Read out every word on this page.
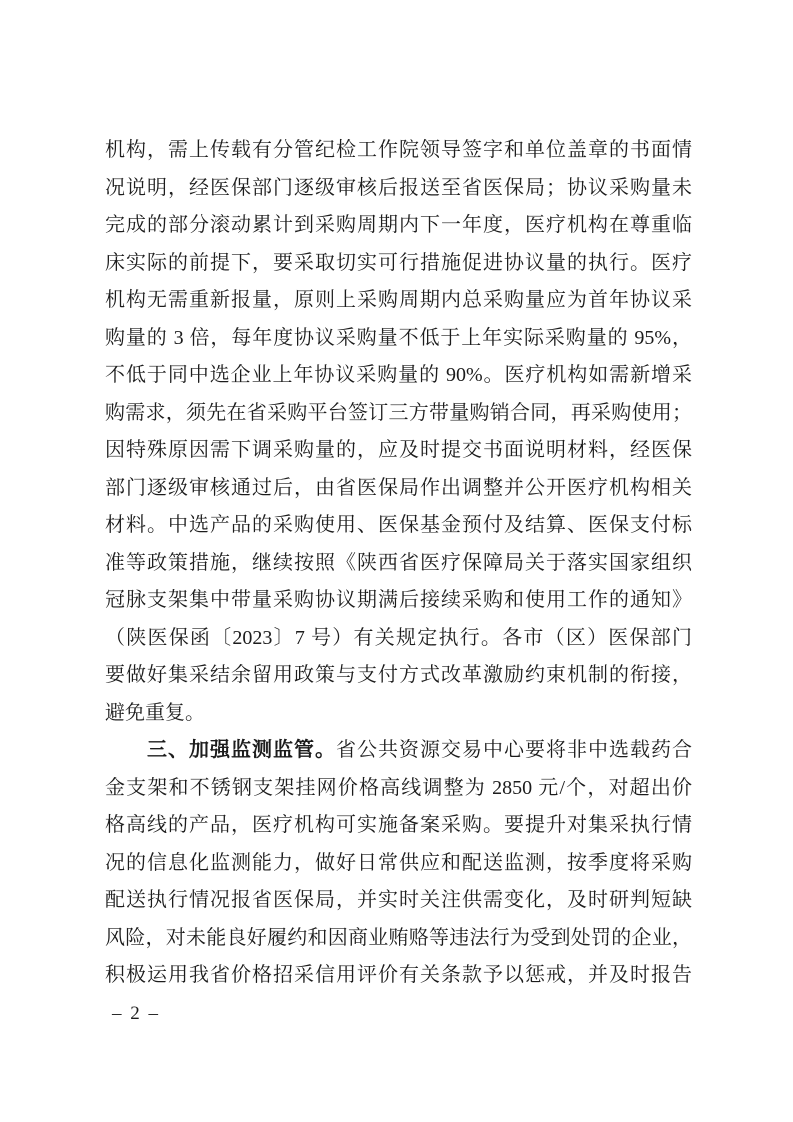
机构，需上传载有分管纪检工作院领导签字和单位盖章的书面情
况说明，经医保部门逐级审核后报送至省医保局；协议采购量未
完成的部分滚动累计到采购周期内下一年度，医疗机构在尊重临
床实际的前提下，要采取切实可行措施促进协议量的执行。医疗
机构无需重新报量，原则上采购周期内总采购量应为首年协议采
购量的 3 倍，每年度协议采购量不低于上年实际采购量的 95%，
不低于同中选企业上年协议采购量的 90%。医疗机构如需新增采
购需求，须先在省采购平台签订三方带量购销合同，再采购使用；
因特殊原因需下调采购量的，应及时提交书面说明材料，经医保
部门逐级审核通过后，由省医保局作出调整并公开医疗机构相关
材料。中选产品的采购使用、医保基金预付及结算、医保支付标
准等政策措施，继续按照《陕西省医疗保障局关于落实国家组织
冠脉支架集中带量采购协议期满后接续采购和使用工作的通知》
（陕医保函〔2023〕7 号）有关规定执行。各市（区）医保部门
要做好集采结余留用政策与支付方式改革激励约束机制的衔接，
避免重复。
三、加强监测监管。省公共资源交易中心要将非中选载药合
金支架和不锈钢支架挂网价格高线调整为 2850 元/个，对超出价
格高线的产品，医疗机构可实施备案采购。要提升对集采执行情
况的信息化监测能力，做好日常供应和配送监测，按季度将采购
配送执行情况报省医保局，并实时关注供需变化，及时研判短缺
风险，对未能良好履约和因商业贿赂等违法行为受到处罚的企业，
积极运用我省价格招采信用评价有关条款予以惩戒，并及时报告
– 2 –
